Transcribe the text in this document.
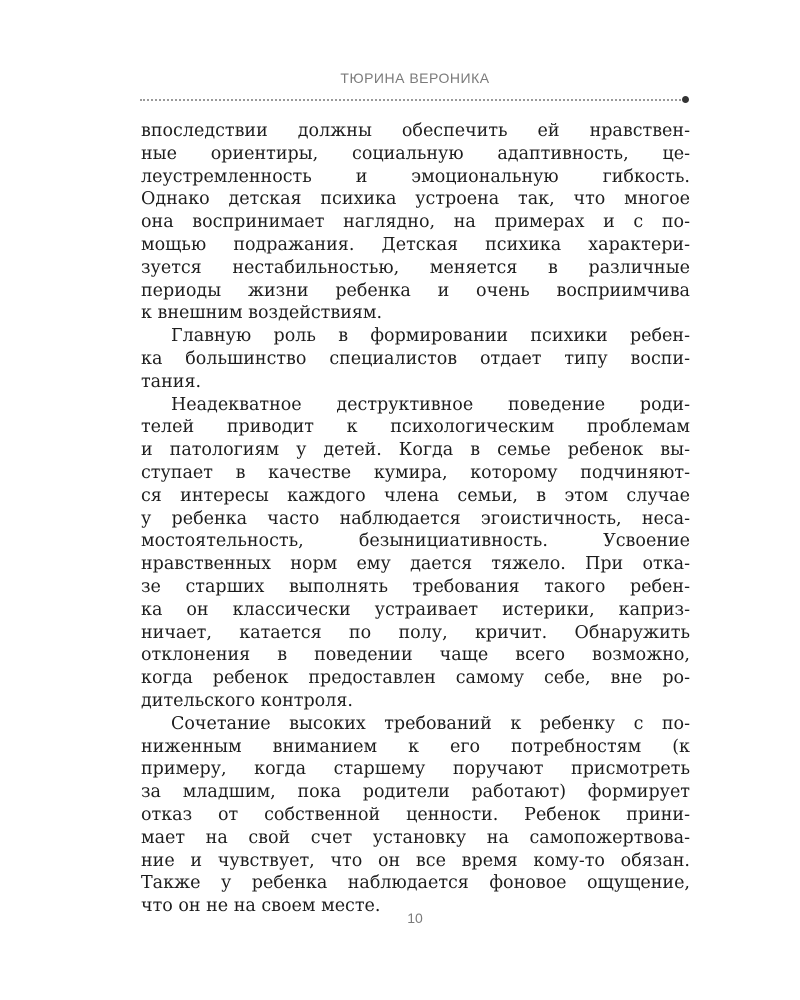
ТЮРИНА ВЕРОНИКА
впоследствии должны обеспечить ей нравствен-
ные ориентиры, социальную адаптивность, це-
леустремленность и эмоциональную гибкость.
Однако детская психика устроена так, что многое
она воспринимает наглядно, на примерах и с по-
мощью подражания. Детская психика характери-
зуется нестабильностью, меняется в различные
периоды жизни ребенка и очень восприимчива
к внешним воздействиям.
Главную роль в формировании психики ребен-
ка большинство специалистов отдает типу воспи-
тания.
Неадекватное деструктивное поведение роди-
телей приводит к психологическим проблемам
и патологиям у детей. Когда в семье ребенок вы-
ступает в качестве кумира, которому подчиняют-
ся интересы каждого члена семьи, в этом случае
у ребенка часто наблюдается эгоистичность, неса-
мостоятельность, безынициативность. Усвоение
нравственных норм ему дается тяжело. При отка-
зе старших выполнять требования такого ребен-
ка он классически устраивает истерики, каприз-
ничает, катается по полу, кричит. Обнаружить
отклонения в поведении чаще всего возможно,
когда ребенок предоставлен самому себе, вне ро-
дительского контроля.
Сочетание высоких требований к ребенку с по-
ниженным вниманием к его потребностям (к
примеру, когда старшему поручают присмотреть
за младшим, пока родители работают) формирует
отказ от собственной ценности. Ребенок прини-
мает на свой счет установку на самопожертвова-
ние и чувствует, что он все время кому-то обязан.
Также у ребенка наблюдается фоновое ощущение,
что он не на своем месте.
10
